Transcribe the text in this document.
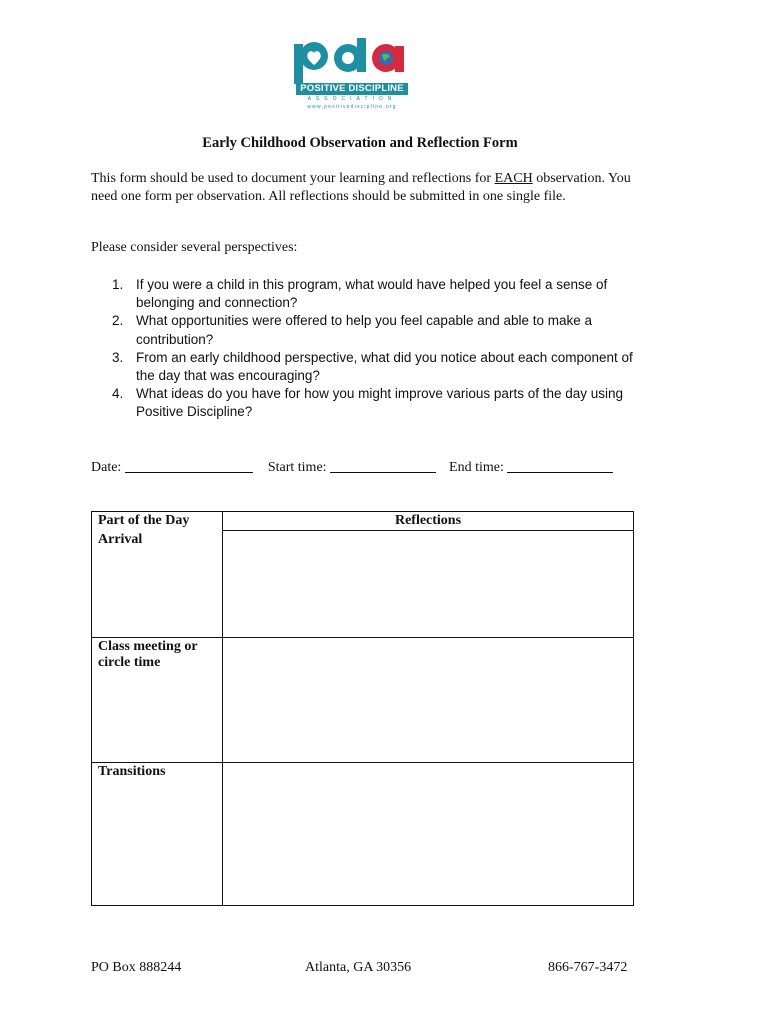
POSITIVE DISCIPLINE
ASSOCIATION
www.positivediscipline.org
Early Childhood Observation and Reflection Form
This form should be used to document your learning and reflections for EACH observation. You need one form per observation. All reflections should be submitted in one single file.
Please consider several perspectives:
1. If you were a child in this program, what would have helped you feel a sense of belonging and connection?
2. What opportunities were offered to help you feel capable and able to make a contribution?
3. From an early childhood perspective, what did you notice about each component of the day that was encouraging?
4. What ideas do you have for how you might improve various parts of the day using Positive Discipline?
Date:	Start time:	End time:
Part of the Day	Reflections
Arrival	
Class meeting or circle time	
Transitions	
PO Box 888244	Atlanta, GA 30356	866-767-3472
